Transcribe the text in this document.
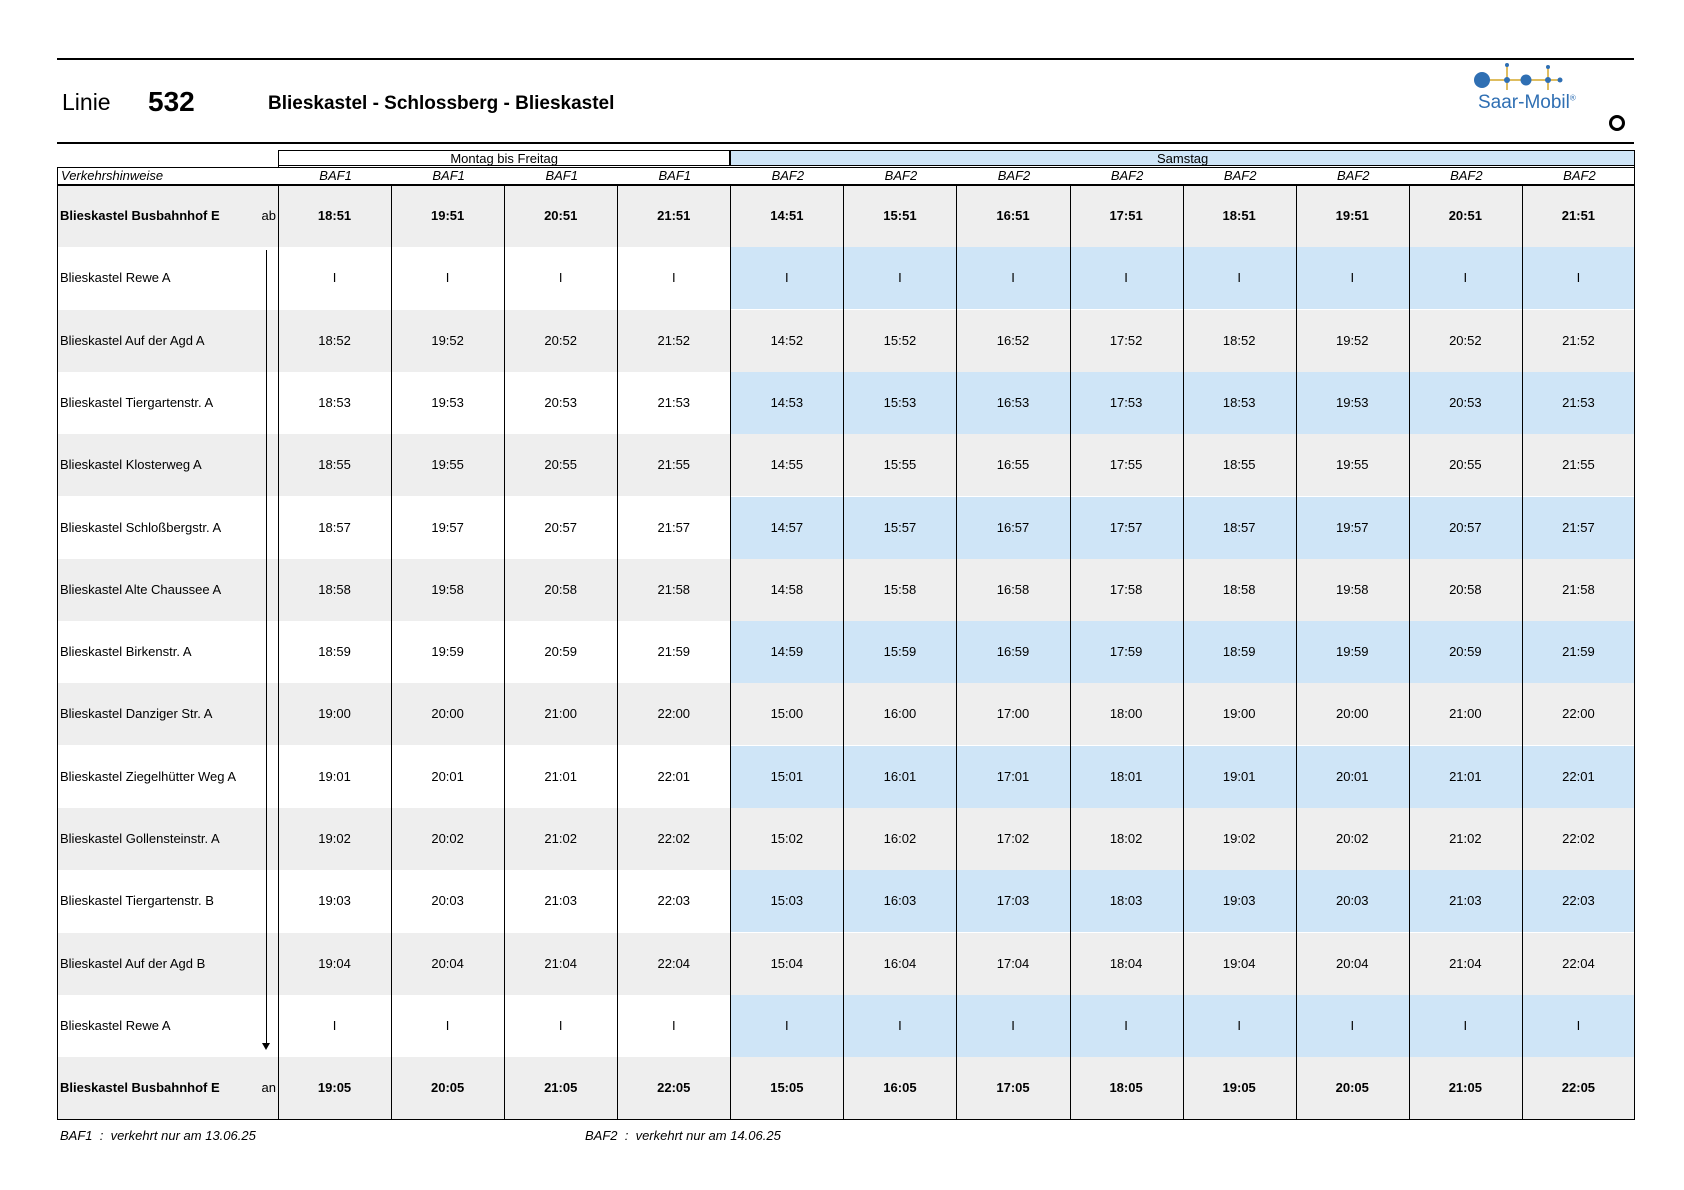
Linie 532	Blieskastel - Schlossberg - Blieskastel	Saar-Mobil®
Montag bis Freitag	Samstag
Verkehrshinweise	BAF1	BAF1	BAF1	BAF1	BAF2	BAF2	BAF2	BAF2	BAF2	BAF2	BAF2	BAF2
Blieskastel Busbahnhof E	ab	18:51	19:51	20:51	21:51	14:51	15:51	16:51	17:51	18:51	19:51	20:51	21:51
Blieskastel Rewe A	I	I	I	I	I	I	I	I	I	I	I	I
Blieskastel Auf der Agd A	18:52	19:52	20:52	21:52	14:52	15:52	16:52	17:52	18:52	19:52	20:52	21:52
Blieskastel Tiergartenstr. A	18:53	19:53	20:53	21:53	14:53	15:53	16:53	17:53	18:53	19:53	20:53	21:53
Blieskastel Klosterweg A	18:55	19:55	20:55	21:55	14:55	15:55	16:55	17:55	18:55	19:55	20:55	21:55
Blieskastel Schloßbergstr. A	18:57	19:57	20:57	21:57	14:57	15:57	16:57	17:57	18:57	19:57	20:57	21:57
Blieskastel Alte Chaussee A	18:58	19:58	20:58	21:58	14:58	15:58	16:58	17:58	18:58	19:58	20:58	21:58
Blieskastel Birkenstr. A	18:59	19:59	20:59	21:59	14:59	15:59	16:59	17:59	18:59	19:59	20:59	21:59
Blieskastel Danziger Str. A	19:00	20:00	21:00	22:00	15:00	16:00	17:00	18:00	19:00	20:00	21:00	22:00
Blieskastel Ziegelhütter Weg A	19:01	20:01	21:01	22:01	15:01	16:01	17:01	18:01	19:01	20:01	21:01	22:01
Blieskastel Gollensteinstr. A	19:02	20:02	21:02	22:02	15:02	16:02	17:02	18:02	19:02	20:02	21:02	22:02
Blieskastel Tiergartenstr. B	19:03	20:03	21:03	22:03	15:03	16:03	17:03	18:03	19:03	20:03	21:03	22:03
Blieskastel Auf der Agd B	19:04	20:04	21:04	22:04	15:04	16:04	17:04	18:04	19:04	20:04	21:04	22:04
Blieskastel Rewe A	I	I	I	I	I	I	I	I	I	I	I	I
Blieskastel Busbahnhof E	an	19:05	20:05	21:05	22:05	15:05	16:05	17:05	18:05	19:05	20:05	21:05	22:05
BAF1  :  verkehrt nur am 13.06.25	BAF2  :  verkehrt nur am 14.06.25
